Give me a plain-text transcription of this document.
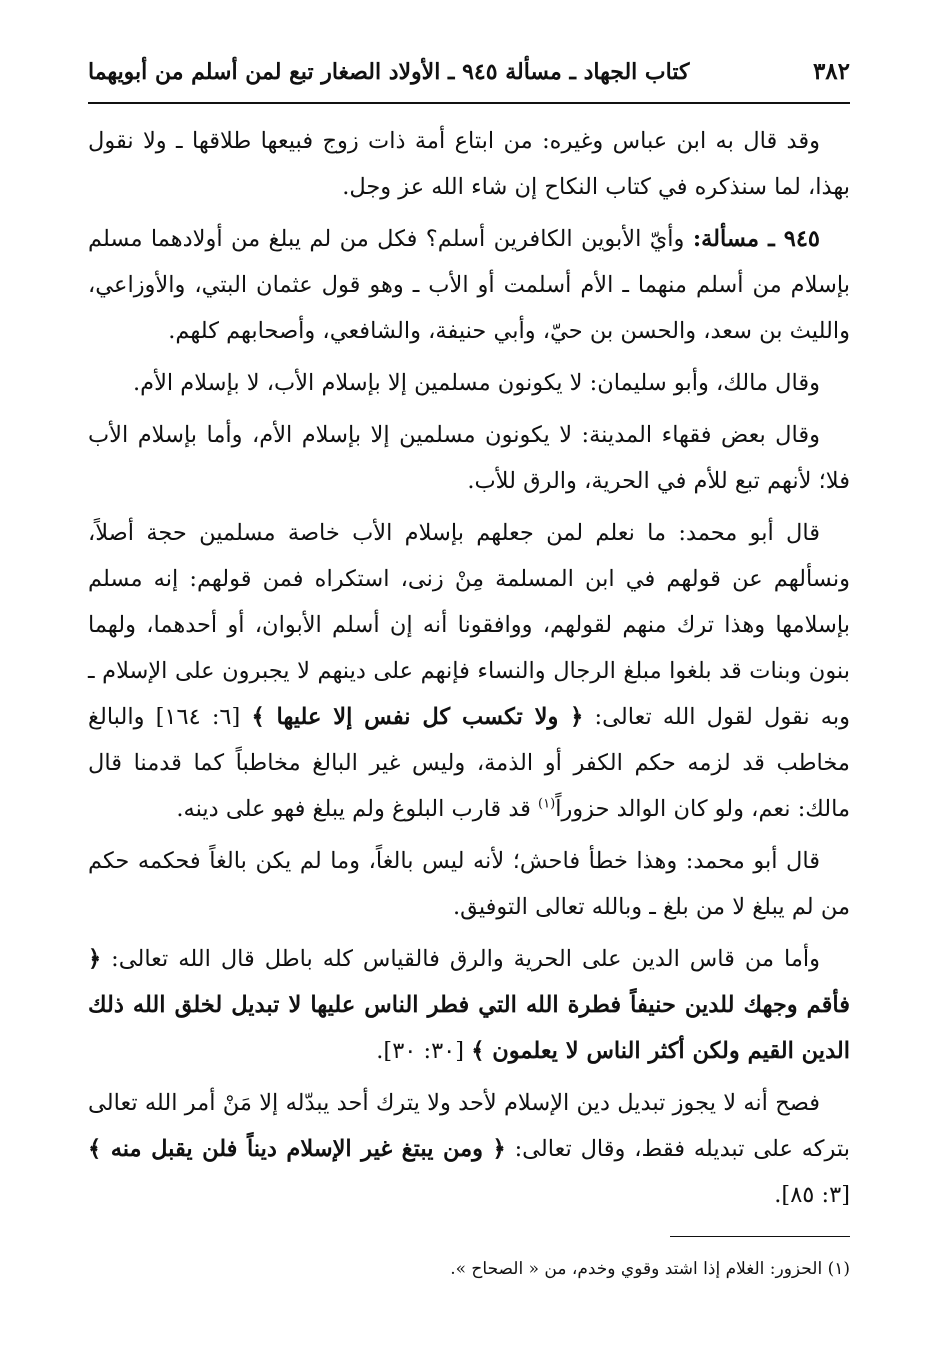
٣٨٢
كتاب الجهاد ـ مسألة ٩٤٥ ـ الأولاد الصغار تبع لمن أسلم من أبويهما

وقد قال به ابن عباس وغيره: من ابتاع أمة ذات زوج فبيعها طلاقها ـ ولا نقول بهذا، لما سنذكره في كتاب النكاح إن شاء الله عز وجل.

٩٤٥ ـ مسألة: وأيّ الأبوين الكافرين أسلم؟ فكل من لم يبلغ من أولادهما مسلم بإسلام من أسلم منهما ـ الأم أسلمت أو الأب ـ وهو قول عثمان البتي، والأوزاعي، والليث بن سعد، والحسن بن حيّ، وأبي حنيفة، والشافعي، وأصحابهم كلهم.

وقال مالك، وأبو سليمان: لا يكونون مسلمين إلا بإسلام الأب، لا بإسلام الأم.

وقال بعض فقهاء المدينة: لا يكونون مسلمين إلا بإسلام الأم، وأما بإسلام الأب فلا؛ لأنهم تبع للأم في الحرية، والرق للأب.

قال أبو محمد: ما نعلم لمن جعلهم بإسلام الأب خاصة مسلمين حجة أصلاً، ونسألهم عن قولهم في ابن المسلمة مِنْ زنى، استكراه فمن قولهم: إنه مسلم بإسلامها وهذا ترك منهم لقولهم، ووافقونا أنه إن أسلم الأبوان، أو أحدهما، ولهما بنون وبنات قد بلغوا مبلغ الرجال والنساء فإنهم على دينهم لا يجبرون على الإسلام ـ وبه نقول لقول الله تعالى: ﴿ ولا تكسب كل نفس إلا عليها ﴾ [٦: ١٦٤] والبالغ مخاطب قد لزمه حكم الكفر أو الذمة، وليس غير البالغ مخاطباً كما قدمنا قال مالك: نعم، ولو كان الوالد حزوراً$^{(١)}$ قد قارب البلوغ ولم يبلغ فهو على دينه.

قال أبو محمد: وهذا خطأ فاحش؛ لأنه ليس بالغاً، وما لم يكن بالغاً فحكمه حكم من لم يبلغ لا من بلغ ـ وبالله تعالى التوفيق.

وأما من قاس الدين على الحرية والرق فالقياس كله باطل قال الله تعالى: ﴿ فأقم وجهك للدين حنيفاً فطرة الله التي فطر الناس عليها لا تبديل لخلق الله ذلك الدين القيم ولكن أكثر الناس لا يعلمون ﴾ [٣٠: ٣٠].

فصح أنه لا يجوز تبديل دين الإسلام لأحد ولا يترك أحد يبدّله إلا مَنْ أمر الله تعالى بتركه على تبديله فقط، وقال تعالى: ﴿ ومن يبتغ غير الإسلام ديناً فلن يقبل منه ﴾ [٣: ٨٥].

(١) الحزور: الغلام إذا اشتد وقوي وخدم، من « الصحاح ».
